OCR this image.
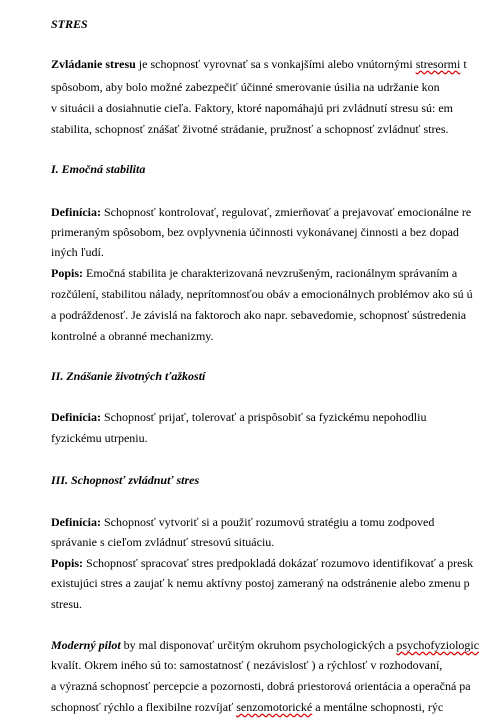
STRES
Zvládanie stresu je schopnosť vyrovnať sa s vonkajšími alebo vnútornými stresormi t
spôsobom, aby bolo možné zabezpečiť účinné smerovanie úsilia na udržanie kon
v situácii a dosiahnutie cieľa. Faktory, ktoré napomáhajú pri zvládnutí stresu sú: em
stabilita, schopnosť znášať životné strádanie, pružnosť a schopnosť zvládnuť stres.
I. Emočná stabilita
Definícia: Schopnosť kontrolovať, regulovať, zmierňovať a prejavovať emocionálne re
primeraným spôsobom, bez ovplyvnenia účinnosti vykonávanej činnosti a bez dopad
iných ľudí.
Popis: Emočná stabilita je charakterizovaná nevzrušeným, racionálnym správaním a
rozčúlení, stabilitou nálady, neprítomnosťou obáv a emocionálnych problémov ako sú ú
a podráždenosť. Je závislá na faktoroch ako napr. sebavedomie, schopnosť sústredenia
kontrolné a obranné mechanizmy.
II. Znášanie životných ťažkostí
Definícia: Schopnosť prijať, tolerovať a prispôsobiť sa fyzickému nepohodliu
fyzickému utrpeniu.
III. Schopnosť zvládnuť stres
Definícia: Schopnosť vytvoriť si a použiť rozumovú stratégiu a tomu zodpoved
správanie s cieľom zvládnuť stresovú situáciu.
Popis: Schopnosť spracovať stres predpokladá dokázať rozumovo identifikovať a presk
existujúci stres a zaujať k nemu aktívny postoj zameraný na odstránenie alebo zmenu p
stresu.
Moderný pilot by mal disponovať určitým okruhom psychologických a psychofyziologic
kvalít. Okrem iného sú to: samostatnosť ( nezávislosť ) a rýchlosť v rozhodovaní,
a výrazná schopnosť percepcie a pozornosti, dobrá priestorová orientácia a operačná pa
schopnosť rýchlo a flexibilne rozvíjať senzomotorické a mentálne schopnosti, rýc
